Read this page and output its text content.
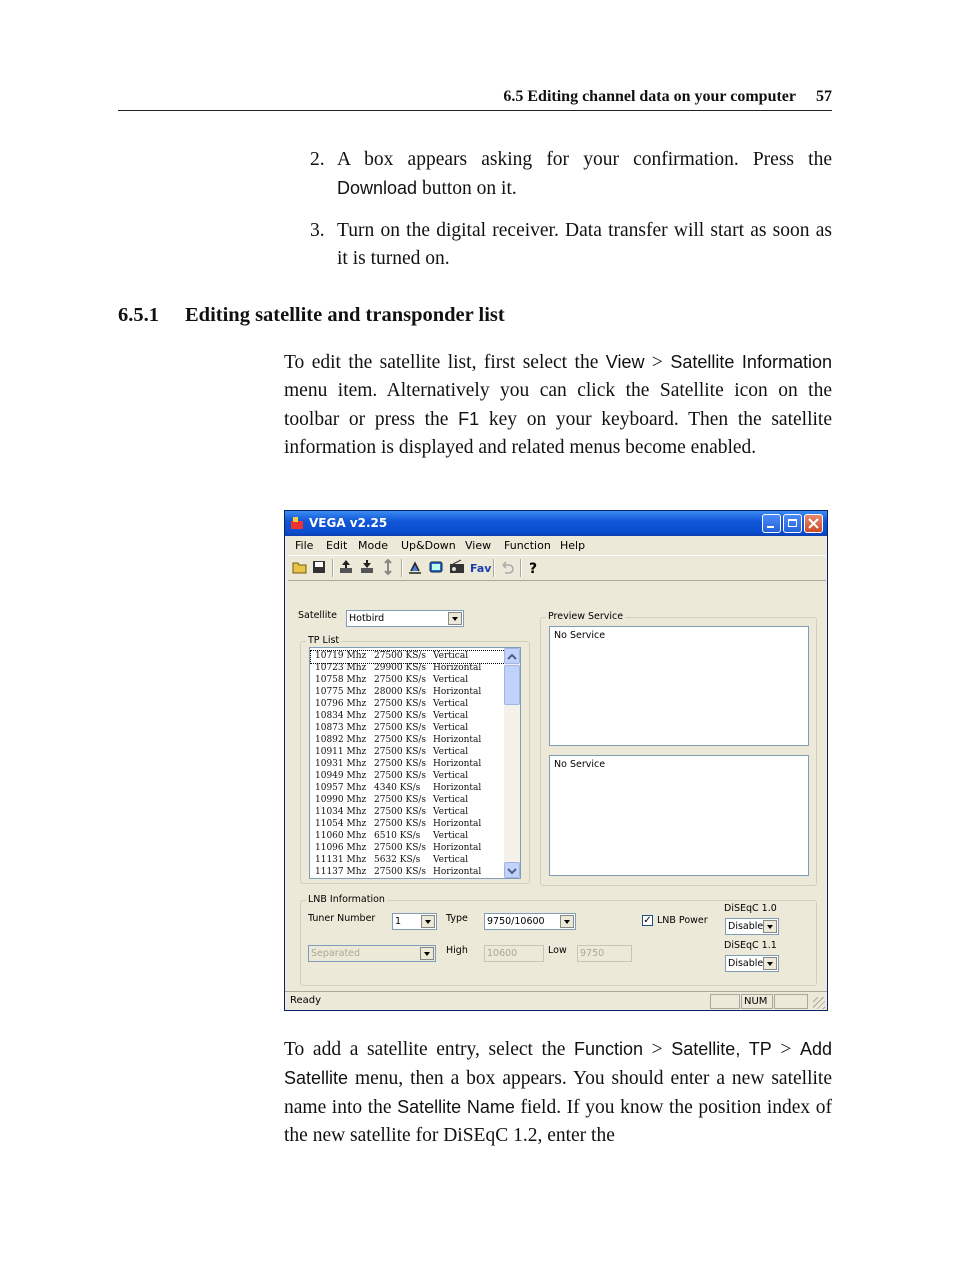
6.5 Editing channel data on your computer 57
2. A box appears asking for your confirmation. Press the Download button on it.
3. Turn on the digital receiver. Data transfer will start as soon as it is turned on.
6.5.1 Editing satellite and transponder list
To edit the satellite list, first select the View > Satellite Information menu item. Alternatively you can click the Satellite icon on the toolbar or press the F1 key on your keyboard. Then the satellite information is displayed and related menus become enabled.
VEGA v2.25
File Edit Mode Up&Down View Function Help
Fav	?
Satellite Hotbird
TP List
Preview Service
No Service
No Service
LNB Information
Tuner Number 1	Type 9750/10600	✓ LNB Power
Separated	High 10600	Low 9750
DiSEqC 1.0
Disable
DiSEqC 1.1
Disable
Ready	NUM
10719 Mhz 27500 KS/s Vertical
10723 Mhz 29900 KS/s Horizontal
10758 Mhz 27500 KS/s Vertical
10775 Mhz 28000 KS/s Horizontal
10796 Mhz 27500 KS/s Vertical
10834 Mhz 27500 KS/s Vertical
10873 Mhz 27500 KS/s Vertical
10892 Mhz 27500 KS/s Horizontal
10911 Mhz 27500 KS/s Vertical
10931 Mhz 27500 KS/s Horizontal
10949 Mhz 27500 KS/s Vertical
10957 Mhz 4340 KS/s Horizontal
10990 Mhz 27500 KS/s Vertical
11034 Mhz 27500 KS/s Vertical
11054 Mhz 27500 KS/s Horizontal
11060 Mhz 6510 KS/s Vertical
11096 Mhz 27500 KS/s Horizontal
11131 Mhz 5632 KS/s Vertical
11137 Mhz 27500 KS/s Horizontal
To add a satellite entry, select the Function > Satellite, TP > Add Satellite menu, then a box appears. You should enter a new satellite name into the Satellite Name field. If you know the position index of the new satellite for DiSEqC 1.2, enter the
